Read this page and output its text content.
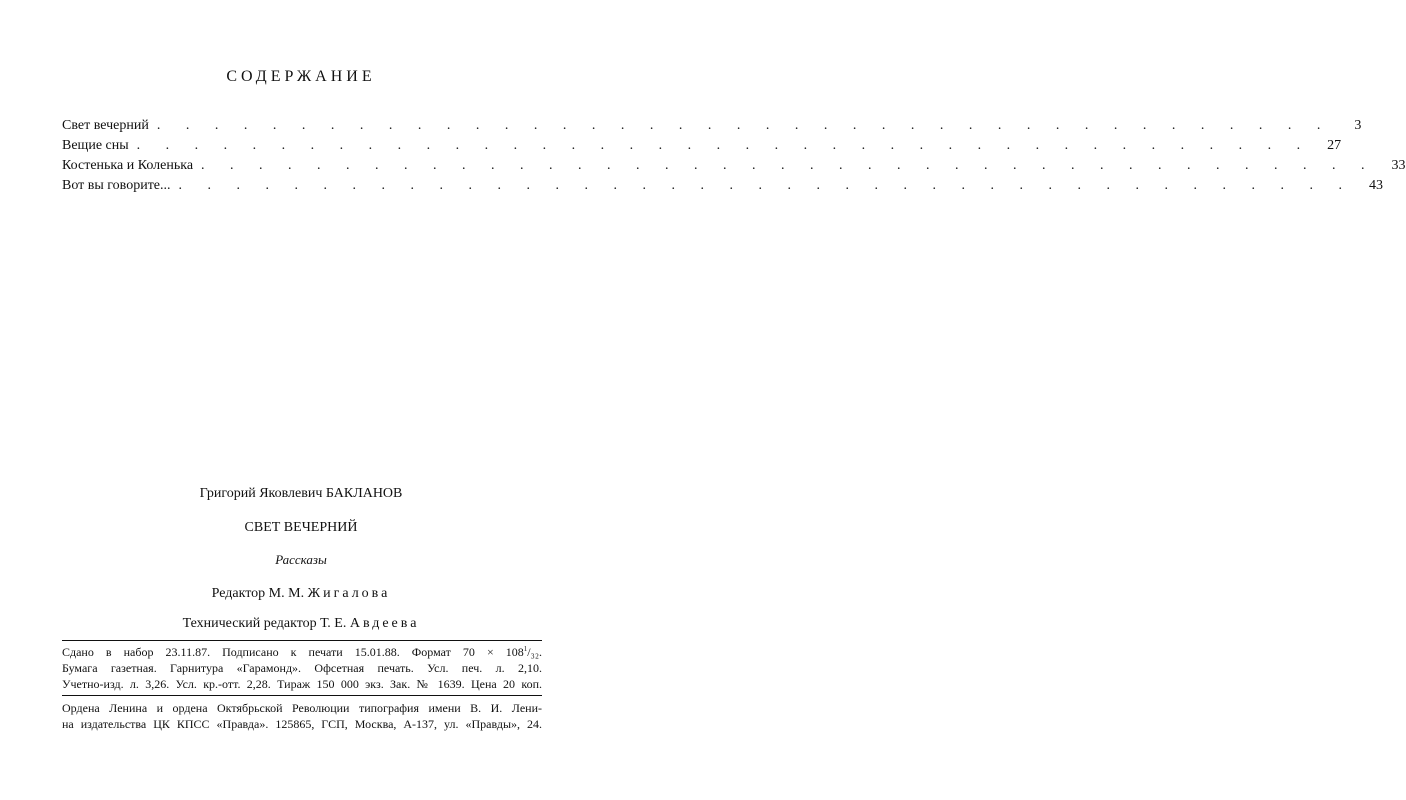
СОДЕРЖАНИЕ
Свет вечерний . . . . . . . . . . . . . . . . . . . . . . . . . . . . . . . . . . . . . . . . .	3
Вещие сны . . . . . . . . . . . . . . . . . . . . . . . . . . . . . . . . . . . . . . . . .	27
Костенька и Коленька . . . . . . . . . . . . . . . . . . . . . . . . . . . . . . . . . . . . . . . . .	33
Вот вы говорите... . . . . . . . . . . . . . . . . . . . . . . . . . . . . . . . . . . . . . . . . .	43
Григорий Яковлевич БАКЛАНОВ
СВЕТ ВЕЧЕРНИЙ
Рассказы
Редактор М. М. Жигалова
Технический редактор Т. Е. Авдеева
Сдано в набор 23.11.87. Подписано к печати 15.01.88. Формат $70 \times 108^1/_{32}$.
Бумага газетная. Гарнитура «Гарамонд». Офсетная печать. Усл. печ. л. 2,10.
Учетно-изд. л. 3,26. Усл. кр.-отт. 2,28. Тираж 150 000 экз. Зак. № 1639. Цена 20 коп.
Ордена Ленина и ордена Октябрьской Революции типография имени В. И. Лени-
на издательства ЦК КПСС «Правда». 125865, ГСП, Москва, А-137, ул. «Правды», 24.
